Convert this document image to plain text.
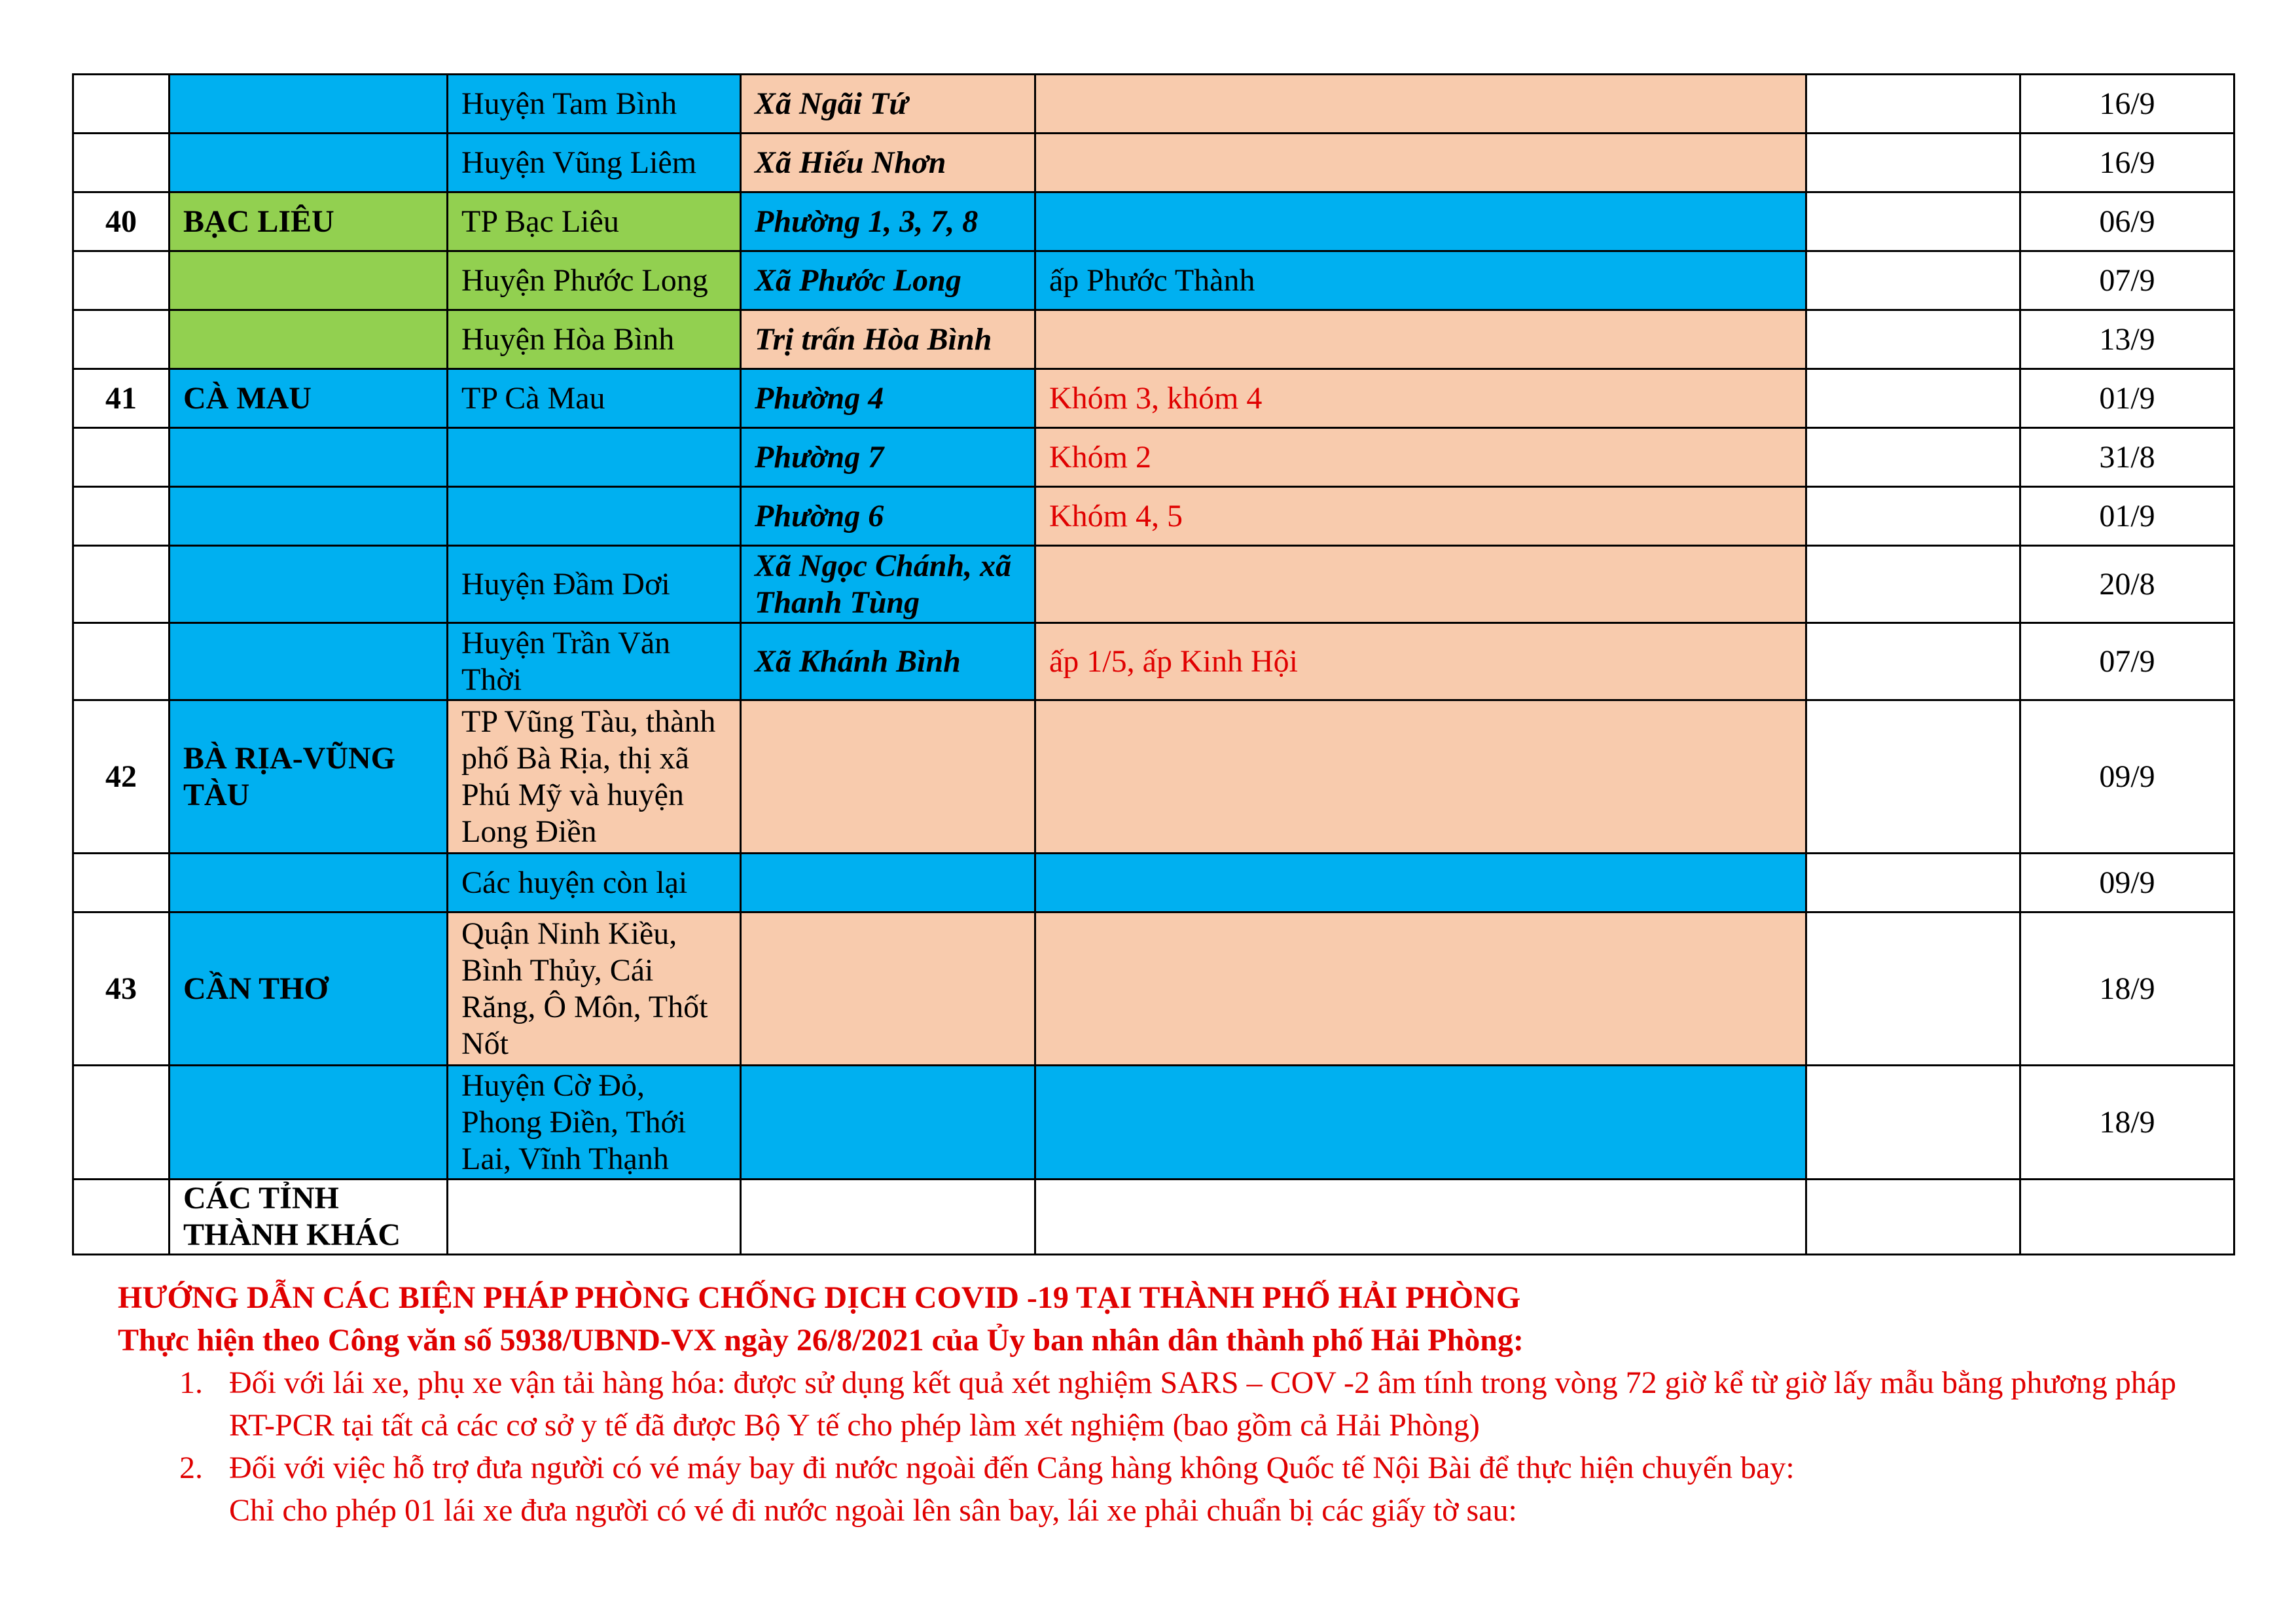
		Huyện Tam Bình	Xã Ngãi Tứ			16/9
		Huyện Vũng Liêm	Xã Hiếu Nhơn			16/9
40	BẠC LIÊU	TP Bạc Liêu	Phường 1, 3, 7, 8			06/9
		Huyện Phước Long	Xã Phước Long	ấp Phước Thành		07/9
		Huyện Hòa Bình	Trị trấn Hòa Bình			13/9
41	CÀ MAU	TP Cà Mau	Phường 4	Khóm 3, khóm 4		01/9
			Phường 7	Khóm 2		31/8
			Phường 6	Khóm 4, 5		01/9
		Huyện Đầm Dơi	Xã Ngọc Chánh, xã Thanh Tùng			20/8
		Huyện Trần Văn Thời	Xã Khánh Bình	ấp 1/5, ấp Kinh Hội		07/9
42	BÀ RỊA-VŨNG TÀU	TP Vũng Tàu, thành phố Bà Rịa, thị xã Phú Mỹ và huyện Long Điền				09/9
		Các huyện còn lại				09/9
43	CẦN THƠ	Quận Ninh Kiều, Bình Thủy, Cái Răng, Ô Môn, Thốt Nốt				18/9
		Huyện Cờ Đỏ, Phong Điền, Thới Lai, Vĩnh Thạnh				18/9
	CÁC TỈNH THÀNH KHÁC					
HƯỚNG DẪN CÁC BIỆN PHÁP PHÒNG CHỐNG DỊCH COVID -19 TẠI THÀNH PHỐ HẢI PHÒNG
Thực hiện theo Công văn số 5938/UBND-VX ngày 26/8/2021 của Ủy ban nhân dân thành phố Hải Phòng:
1. Đối với lái xe, phụ xe vận tải hàng hóa: được sử dụng kết quả xét nghiệm SARS – COV -2 âm tính trong vòng 72 giờ kể từ giờ lấy mẫu bằng phương pháp RT-PCR tại tất cả các cơ sở y tế đã được Bộ Y tế cho phép làm xét nghiệm (bao gồm cả Hải Phòng)
2. Đối với việc hỗ trợ đưa người có vé máy bay đi nước ngoài đến Cảng hàng không Quốc tế Nội Bài để thực hiện chuyến bay:
Chỉ cho phép 01 lái xe đưa người có vé đi nước ngoài lên sân bay, lái xe phải chuẩn bị các giấy tờ sau:
